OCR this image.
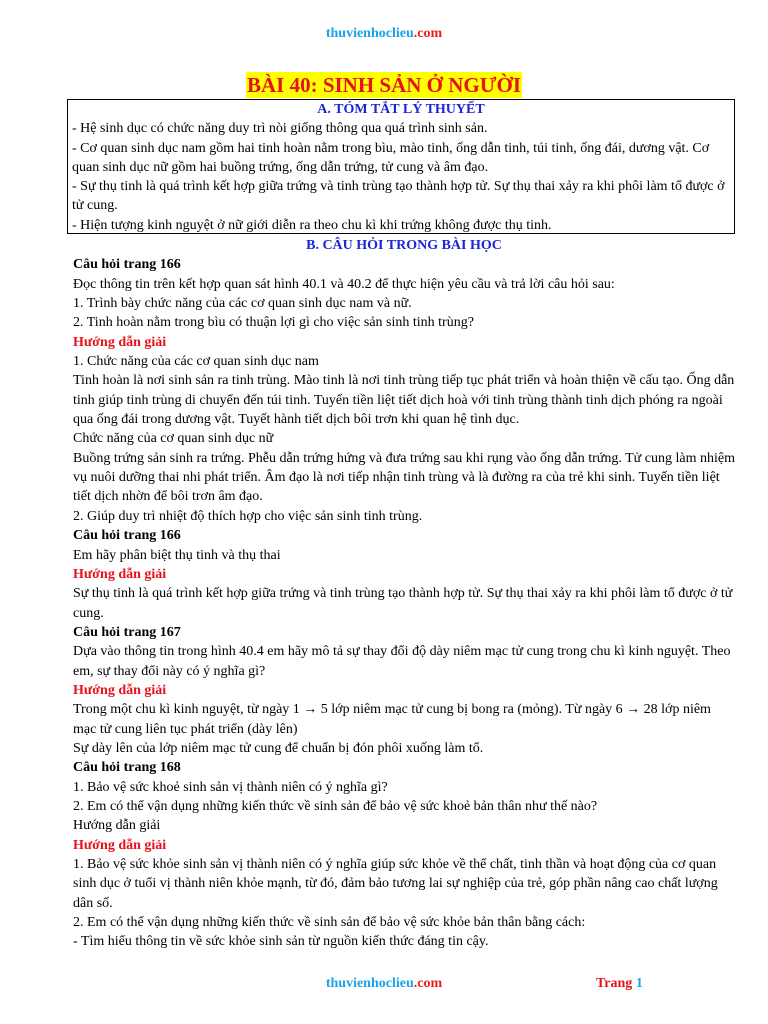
thuvienhoclieu.com
BÀI 40: SINH SẢN Ở NGƯỜI
A. TÓM TẮT LÝ THUYẾT

- Hệ sinh dục có chức năng duy trì nòi giống thông qua quá trình sinh sản.

- Cơ quan sinh dục nam gồm hai tinh hoàn nằm trong bìu, mào tinh, ống dẫn tinh, túi tinh, ống đái, dương vật. Cơ quan sinh dục nữ gồm hai buồng trứng, ống dẫn trứng, tử cung và âm đạo.

- Sự thụ tinh là quá trình kết hợp giữa trứng và tinh trùng tạo thành hợp tử. Sự thụ thai xảy ra khi phôi làm tổ được ở tử cung.

- Hiện tượng kinh nguyệt ở nữ giới diễn ra theo chu kì khi trứng không được thụ tinh.

B. CÂU HỎI TRONG BÀI HỌC

Câu hỏi trang 166

Đọc thông tin trên kết hợp quan sát hình 40.1 và 40.2 để thực hiện yêu cầu và trả lời câu hỏi sau:

1. Trình bày chức năng của các cơ quan sinh dục nam và nữ.

2. Tinh hoàn nằm trong bìu có thuận lợi gì cho việc sản sinh tinh trùng?

Hướng dẫn giải

1. Chức năng của các cơ quan sinh dục nam

Tinh hoàn là nơi sinh sản ra tinh trùng. Mào tinh là nơi tinh trùng tiếp tục phát triển và hoàn thiện về cấu tạo. Ống dẫn tinh giúp tinh trùng di chuyển đến túi tinh. Tuyến tiền liệt tiết dịch hoà với tinh trùng thành tinh dịch phóng ra ngoài qua ống đái trong dương vật. Tuyết hành tiết dịch bôi trơn khi quan hệ tình dục.

Chức năng của cơ quan sinh dục nữ

Buồng trứng sản sinh ra trứng. Phễu dẫn trứng hứng và đưa trứng sau khi rụng vào ống dẫn trứng. Tử cung làm nhiệm vụ nuôi dưỡng thai nhi phát triển. Âm đạo là nơi tiếp nhận tinh trùng và là đường ra của trẻ khi sinh. Tuyến tiền liệt tiết dịch nhờn để bôi trơn âm đạo.

2. Giúp duy trì nhiệt độ thích hợp cho việc sản sinh tinh trùng.

Câu hỏi trang 166

Em hãy phân biệt thụ tinh và thụ thai

Hướng dẫn giải

Sự thụ tinh là quá trình kết hợp giữa trứng và tinh trùng tạo thành hợp tử. Sự thụ thai xảy ra khi phôi làm tổ được ở tử cung.

Câu hỏi trang 167

Dựa vào thông tin trong hình 40.4 em hãy mô tả sự thay đổi độ dày niêm mạc tử cung trong chu kì kinh nguyệt. Theo em, sự thay đổi này có ý nghĩa gì?

Hướng dẫn giải

Trong một chu kì kinh nguyệt, từ ngày 1 → 5 lớp niêm mạc tử cung bị bong ra (mỏng). Từ ngày 6 → 28 lớp niêm mạc tử cung liên tục phát triển (dày lên)

Sự dày lên của lớp niêm mạc tử cung để chuẩn bị đón phôi xuống làm tổ.

Câu hỏi trang 168

1. Bảo vệ sức khoẻ sinh sản vị thành niên có ý nghĩa gì?

2. Em có thể vận dụng những kiến thức về sinh sản để bảo vệ sức khoẻ bản thân như thế nào?

Hướng dẫn giải

Hướng dẫn giải

1. Bảo vệ sức khỏe sinh sản vị thành niên có ý nghĩa giúp sức khỏe về thể chất, tinh thần và hoạt động của cơ quan sinh dục ở tuổi vị thành niên khỏe mạnh, từ đó, đảm bảo tương lai sự nghiệp của trẻ, góp phần nâng cao chất lượng dân số.

2. Em có thể vận dụng những kiến thức về sinh sản để bảo vệ sức khỏe bản thân bằng cách:

- Tìm hiểu thông tin về sức khỏe sinh sản từ nguồn kiến thức đáng tin cậy.

thuvienhoclieu.com	Trang 1
